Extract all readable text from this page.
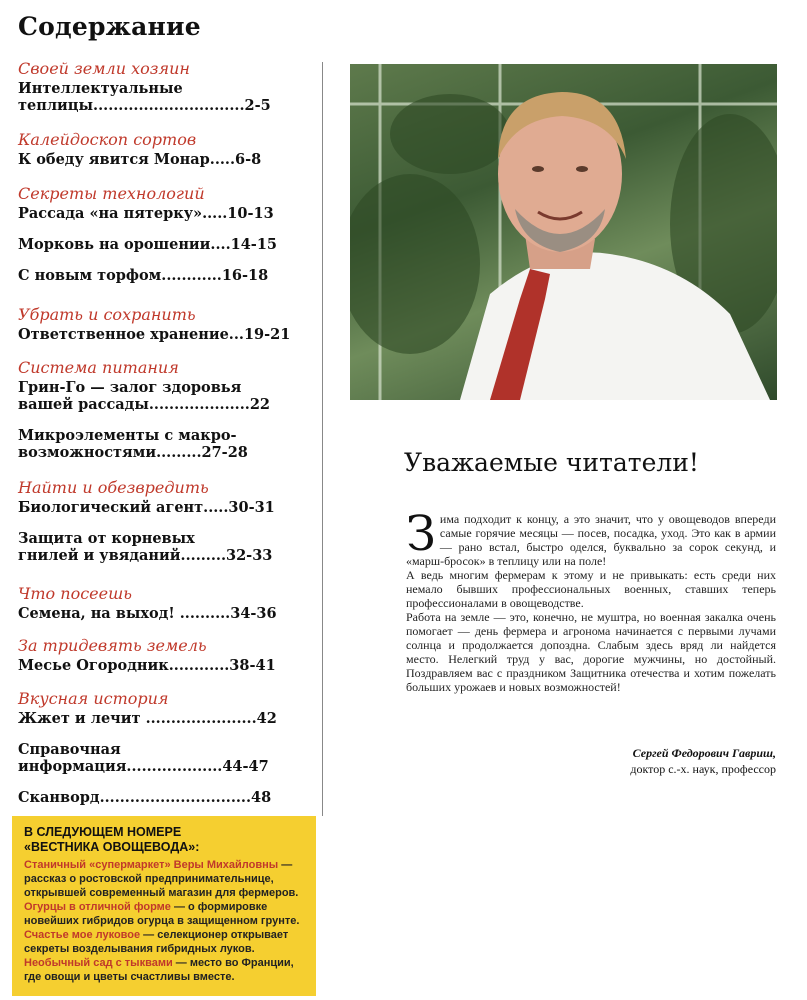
Содержание
Своей земли хозяин
Интеллектуальные
теплицы..............................2-5
Калейдоскоп сортов
К обеду явится Монар.....6-8
Секреты технологий
Рассада «на пятерку».....10-13
Морковь на орошении....14-15
С новым торфом............16-18
Убрать и сохранить
Ответственное хранение...19-21
Система питания
Грин-Го — залог здоровья
вашей рассады....................22
Микроэлементы с макро-
возможностями.........27-28
Найти и обезвредить
Биологический агент.....30-31
Защита от корневых
гнилей и увяданий.........32-33
Что посеешь
Семена, на выход! ..........34-36
За тридевять земель
Месье Огородник............38-41
Вкусная история
Жжет и лечит ......................42
Справочная
информация...................44-47
Сканворд..............................48
В СЛЕДУЮЩЕМ НОМЕРЕ
«ВЕСТНИКА ОВОЩЕВОДА»:

Станичный «супермаркет» Веры Михайловны — рассказ о ростовской предпринимательнице, открывшей современный магазин для фермеров.

Огурцы в отличной форме — о формировке новейших гибридов огурца в защищенном грунте.

Счастье мое луковое — селекционер открывает секреты возделывания гибридных луков.

Необычный сад с тыквами — место во Франции, где овощи и цветы счастливы вместе.

Уважаемые читатели!

Зима подходит к концу, а это значит, что у овощеводов впереди самые горячие месяцы — посев, посадка, уход. Это как в армии — рано встал, быстро оделся, буквально за сорок секунд, и «марш-бросок» в теплицу или на поле!

А ведь многим фермерам к этому и не привыкать: есть среди них немало бывших профессиональных военных, ставших теперь профессионалами в овощеводстве.

Работа на земле — это, конечно, не муштра, но военная закалка очень помогает — день фермера и агронома начинается с первыми лучами солнца и продолжается допоздна. Слабым здесь вряд ли найдется место. Нелегкий труд у вас, дорогие мужчины, но достойный. Поздравляем вас с праздником Защитника отечества и хотим пожелать больших урожаев и новых возможностей!

Сергей Федорович Гавриш,
доктор с.-х. наук, профессор
